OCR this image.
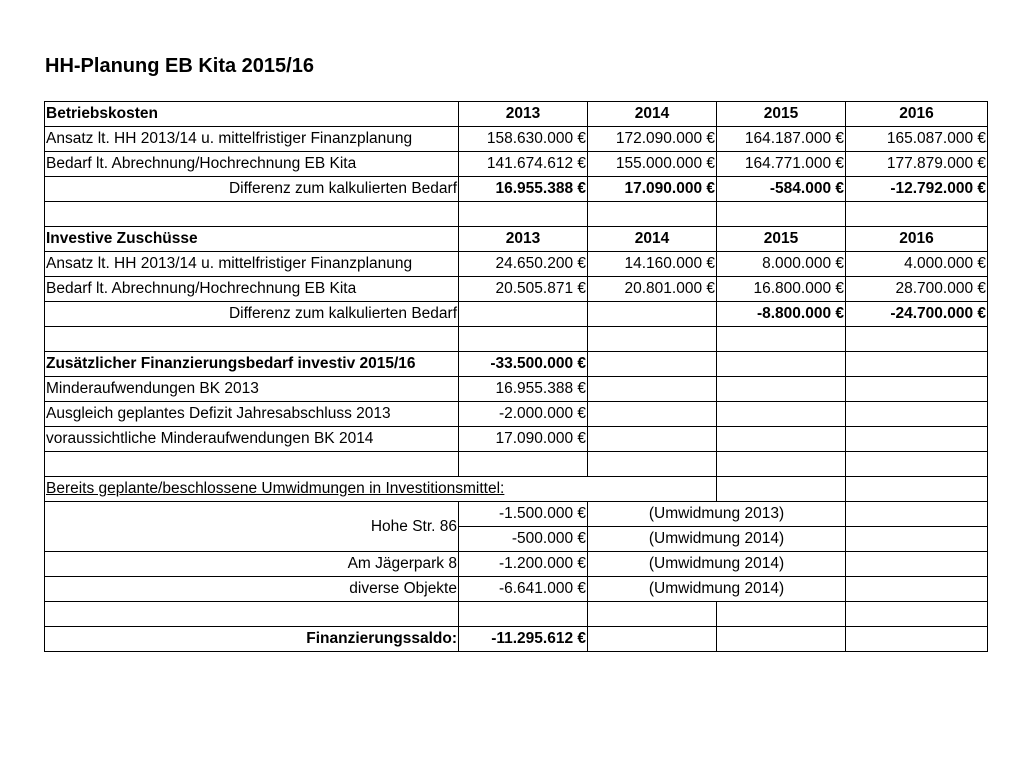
HH-Planung EB Kita 2015/16
Betriebskosten	2013	2014	2015	2016
Ansatz lt. HH 2013/14 u. mittelfristiger Finanzplanung	158.630.000 €	172.090.000 €	164.187.000 €	165.087.000 €
Bedarf lt. Abrechnung/Hochrechnung EB Kita	141.674.612 €	155.000.000 €	164.771.000 €	177.879.000 €
Differenz zum kalkulierten Bedarf	16.955.388 €	17.090.000 €	-584.000 €	-12.792.000 €

Investive Zuschüsse	2013	2014	2015	2016
Ansatz lt. HH 2013/14 u. mittelfristiger Finanzplanung	24.650.200 €	14.160.000 €	8.000.000 €	4.000.000 €
Bedarf lt. Abrechnung/Hochrechnung EB Kita	20.505.871 €	20.801.000 €	16.800.000 €	28.700.000 €
Differenz zum kalkulierten Bedarf			-8.800.000 €	-24.700.000 €

Zusätzlicher Finanzierungsbedarf investiv 2015/16	-33.500.000 €			
Minderaufwendungen BK 2013	16.955.388 €			
Ausgleich geplantes Defizit Jahresabschluss 2013	-2.000.000 €			
voraussichtliche Minderaufwendungen BK 2014	17.090.000 €			

Bereits geplante/beschlossene Umwidmungen in Investitionsmittel:				
Hohe Str. 86	-1.500.000 €	(Umwidmung 2013)		
	-500.000 €	(Umwidmung 2014)		
Am Jägerpark 8	-1.200.000 €	(Umwidmung 2014)		
diverse Objekte	-6.641.000 €	(Umwidmung 2014)		

Finanzierungssaldo:	-11.295.612 €			
